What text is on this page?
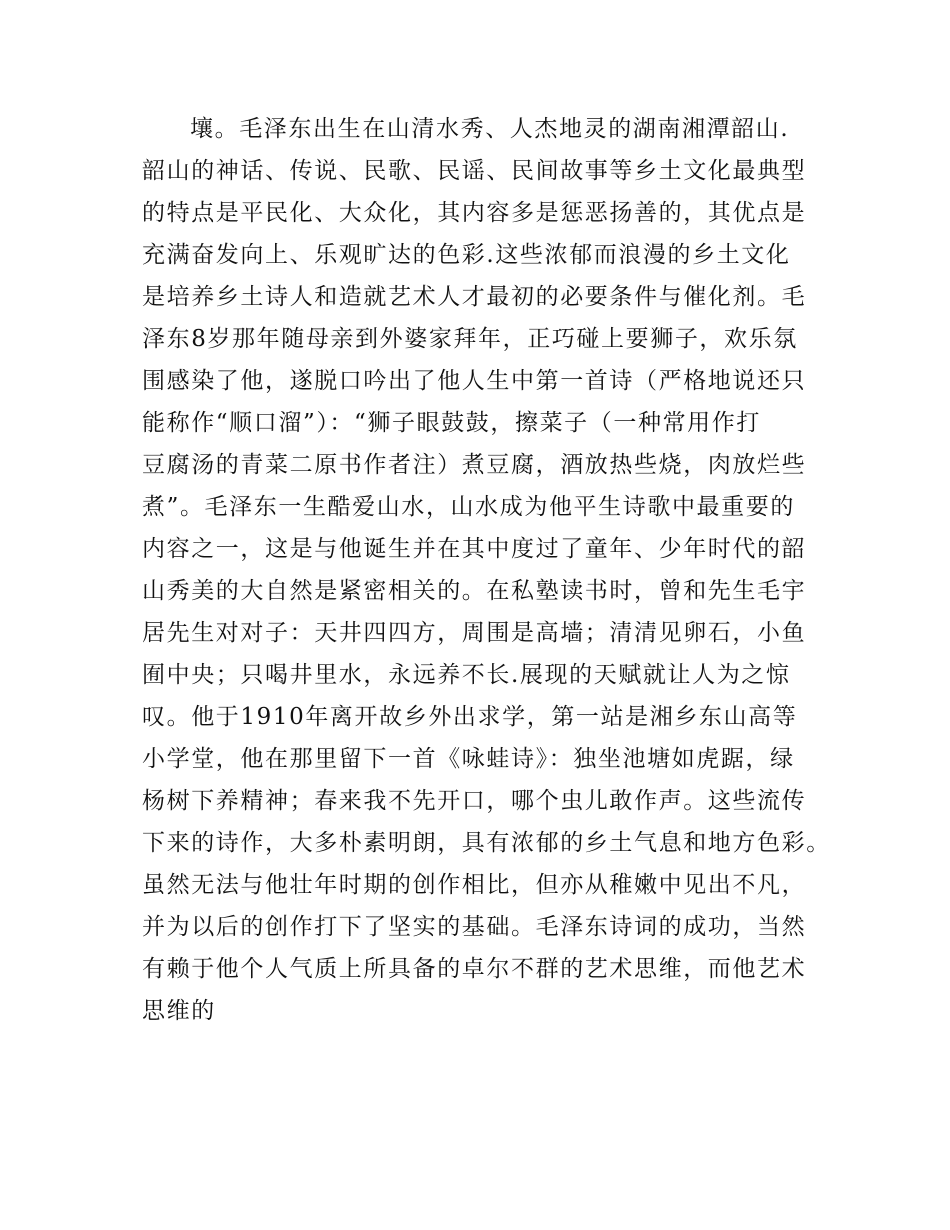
壤。毛泽东出生在山清水秀、人杰地灵的湖南湘潭韶山.
韶山的神话、传说、民歌、民谣、民间故事等乡土文化最典型
的特点是平民化、大众化，其内容多是惩恶扬善的，其优点是
充满奋发向上、乐观旷达的色彩.这些浓郁而浪漫的乡土文化
是培养乡土诗人和造就艺术人才最初的必要条件与催化剂。毛
泽东8岁那年随母亲到外婆家拜年，正巧碰上要狮子，欢乐氛
围感染了他，遂脱口吟出了他人生中第一首诗（严格地说还只
能称作“顺口溜”）：“狮子眼鼓鼓，擦菜子（一种常用作打
豆腐汤的青菜二原书作者注）煮豆腐，酒放热些烧，肉放烂些
煮”。毛泽东一生酷爱山水，山水成为他平生诗歌中最重要的
内容之一，这是与他诞生并在其中度过了童年、少年时代的韶
山秀美的大自然是紧密相关的。在私塾读书时，曾和先生毛宇
居先生对对子：天井四四方，周围是高墙；清清见卵石，小鱼
囿中央；只喝井里水，永远养不长.展现的天赋就让人为之惊
叹。他于1910年离开故乡外出求学，第一站是湘乡东山高等
小学堂，他在那里留下一首《咏蛙诗》：独坐池塘如虎踞，绿
杨树下养精神；春来我不先开口，哪个虫儿敢作声。这些流传
下来的诗作，大多朴素明朗，具有浓郁的乡土气息和地方色彩。
虽然无法与他壮年时期的创作相比，但亦从稚嫩中见出不凡，
并为以后的创作打下了坚实的基础。毛泽东诗词的成功，当然
有赖于他个人气质上所具备的卓尔不群的艺术思维，而他艺术
思维的
